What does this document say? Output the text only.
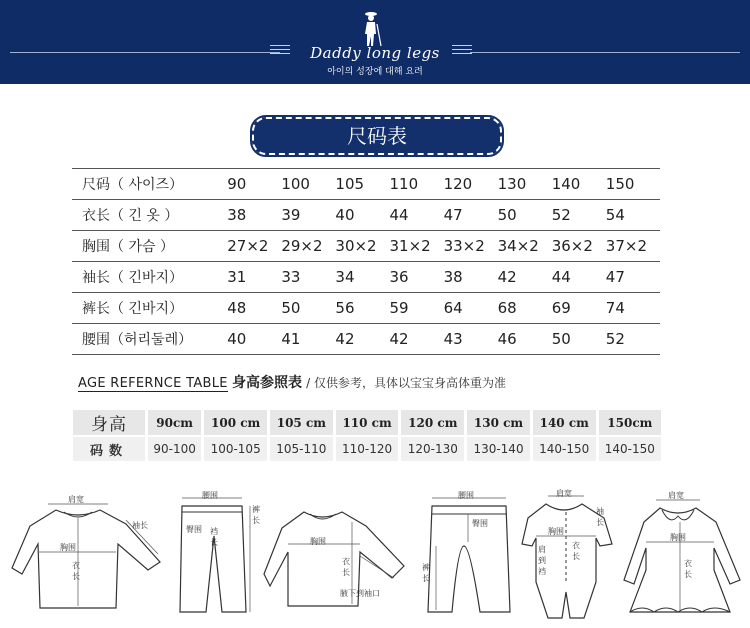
Daddy long legs
아이의 성장에 대해 요려
尺码表
尺码（ 사이즈）	90	100	105	110	120	130	140	150
衣长（ 긴 옷 ）	38	39	40	44	47	50	52	54
胸围（ 가슴 ）	27×2	29×2	30×2	31×2	33×2	34×2	36×2	37×2
袖长（ 긴바지）	31	33	34	36	38	42	44	47
裤长（ 긴바지）	48	50	56	59	64	68	69	74
腰围（허리둘레）	40	41	42	42	43	46	50	52
AGE REFERNCE TABLE 身高参照表 / 仅供参考，具体以宝宝身高体重为准
身高	90cm	100 cm	105 cm	110 cm	120 cm	130 cm	140 cm	150cm
码数	90-100	100-105	105-110	110-120	120-130	130-140	140-150	140-150
肩宽
袖长
胸围
衣长
腰围
臀围 裆长
裤长
胸围
衣长
腋下到袖口
腰围
臀围
裤长
肩宽
袖长
胸围
衣长
肩到裆
肩宽
胸围
衣长
